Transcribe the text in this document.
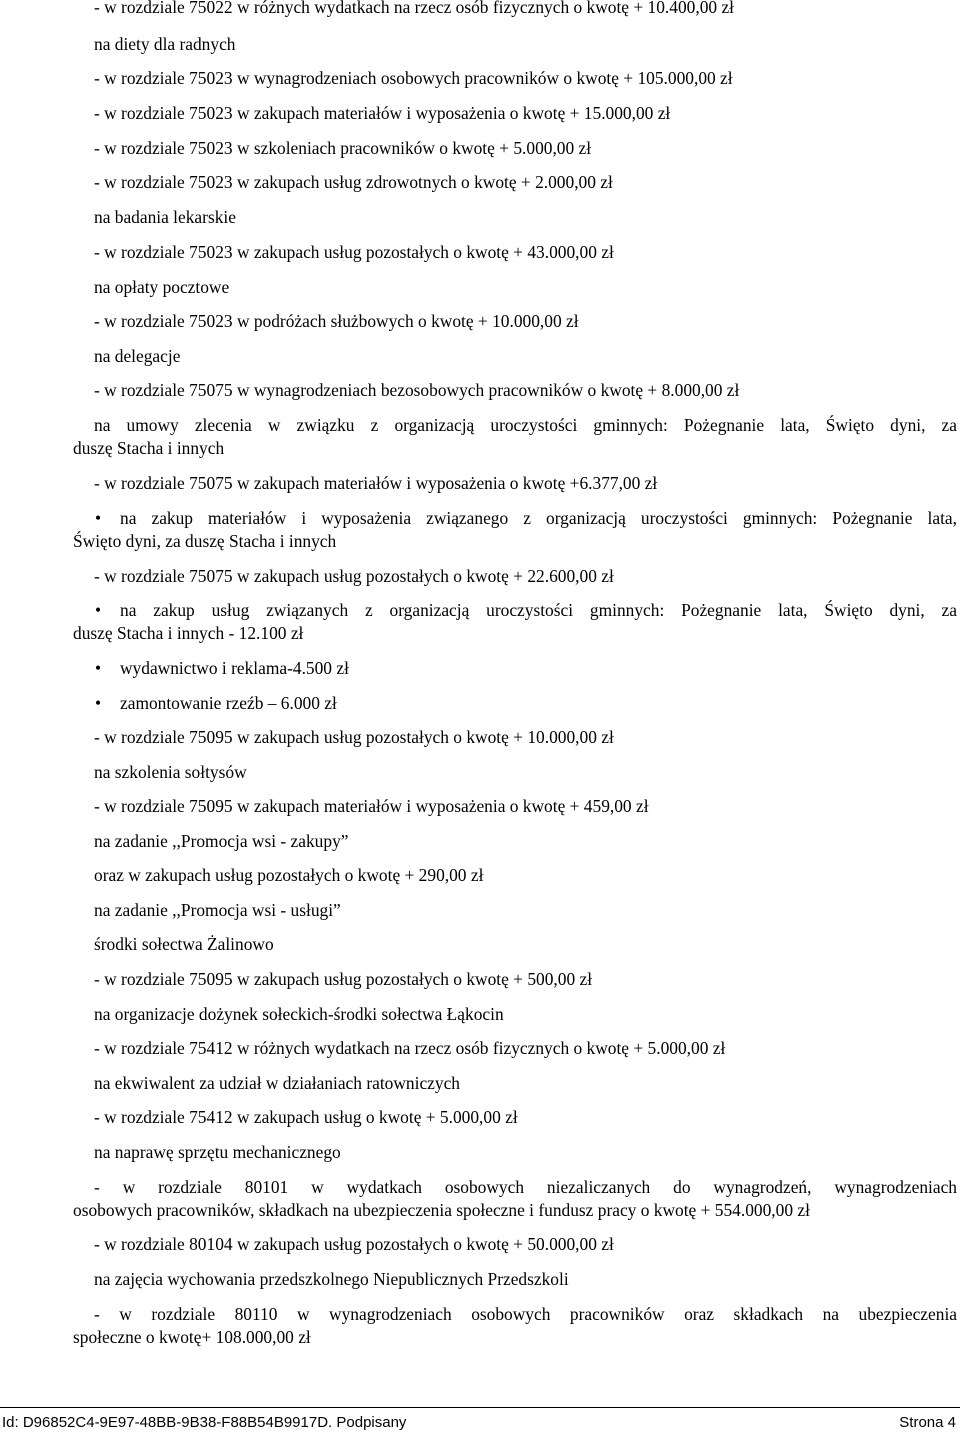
- w rozdziale 75022 w różnych wydatkach na rzecz osób fizycznych o kwotę + 10.400,00 zł
na diety dla radnych
- w rozdziale 75023 w wynagrodzeniach osobowych pracowników o kwotę + 105.000,00 zł
- w rozdziale 75023 w zakupach materiałów i wyposażenia o kwotę + 15.000,00 zł
- w rozdziale 75023 w szkoleniach pracowników o kwotę + 5.000,00 zł
- w rozdziale 75023 w zakupach usług zdrowotnych o kwotę + 2.000,00 zł
na badania lekarskie
- w rozdziale 75023 w zakupach usług pozostałych o kwotę + 43.000,00 zł
na opłaty pocztowe
- w rozdziale 75023 w podróżach służbowych o kwotę + 10.000,00 zł
na delegacje
- w rozdziale 75075 w wynagrodzeniach bezosobowych pracowników o kwotę + 8.000,00 zł
na umowy zlecenia w związku z organizacją uroczystości gminnych: Pożegnanie lata, Święto dyni, za
duszę Stacha i innych
- w rozdziale 75075 w zakupach materiałów i wyposażenia o kwotę +6.377,00 zł
• na zakup materiałów i wyposażenia związanego z organizacją uroczystości gminnych: Pożegnanie lata,
Święto dyni, za duszę Stacha i innych
- w rozdziale 75075 w zakupach usług pozostałych o kwotę + 22.600,00 zł
• na zakup usług związanych z organizacją uroczystości gminnych: Pożegnanie lata, Święto dyni, za
duszę Stacha i innych - 12.100 zł
• wydawnictwo i reklama-4.500 zł
• zamontowanie rzeźb – 6.000 zł
- w rozdziale 75095 w zakupach usług pozostałych o kwotę + 10.000,00 zł
na szkolenia sołtysów
- w rozdziale 75095 w zakupach materiałów i wyposażenia o kwotę + 459,00 zł
na zadanie ,,Promocja wsi - zakupy”
oraz w zakupach usług pozostałych o kwotę + 290,00 zł
na zadanie ,,Promocja wsi - usługi”
środki sołectwa Żalinowo
- w rozdziale 75095 w zakupach usług pozostałych o kwotę + 500,00 zł
na organizacje dożynek sołeckich-środki sołectwa Łąkocin
- w rozdziale 75412 w różnych wydatkach na rzecz osób fizycznych o kwotę + 5.000,00 zł
na ekwiwalent za udział w działaniach ratowniczych
- w rozdziale 75412 w zakupach usług o kwotę + 5.000,00 zł
na naprawę sprzętu mechanicznego
- w rozdziale 80101 w wydatkach osobowych niezaliczanych do wynagrodzeń, wynagrodzeniach
osobowych pracowników, składkach na ubezpieczenia społeczne i fundusz pracy o kwotę + 554.000,00 zł
- w rozdziale 80104 w zakupach usług pozostałych o kwotę + 50.000,00 zł
na zajęcia wychowania przedszkolnego Niepublicznych Przedszkoli
- w rozdziale 80110 w wynagrodzeniach osobowych pracowników oraz składkach na ubezpieczenia
społeczne o kwotę+ 108.000,00 zł
Id: D96852C4-9E97-48BB-9B38-F88B54B9917D. Podpisany	Strona 4
